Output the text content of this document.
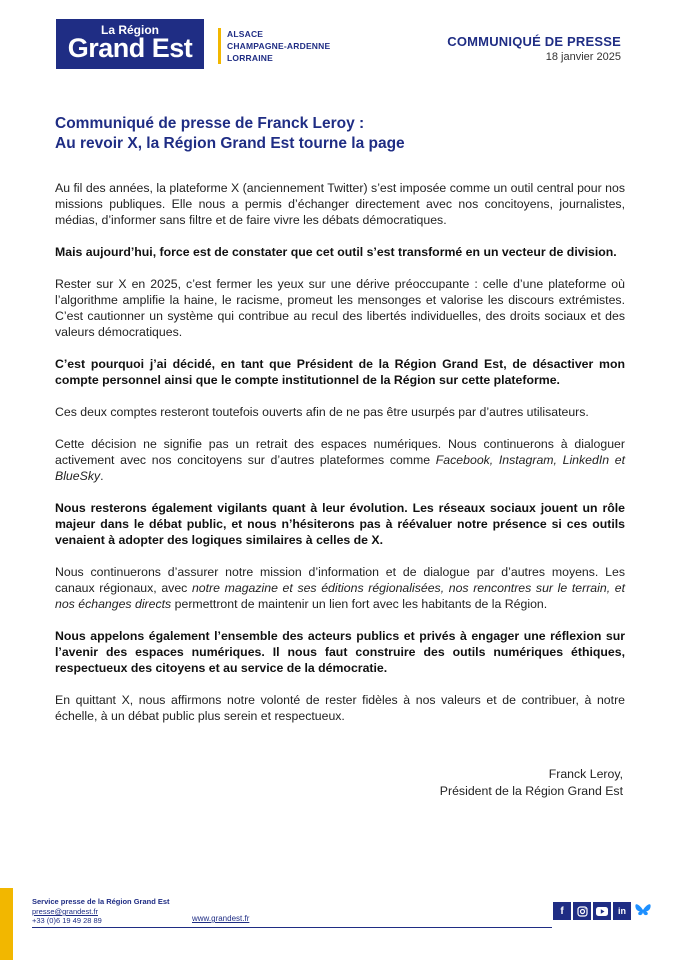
La Région
Grand Est	ALSACE
CHAMPAGNE-ARDENNE
LORRAINE
COMMUNIQUÉ DE PRESSE
18 janvier 2025
Communiqué de presse de Franck Leroy :
Au revoir X, la Région Grand Est tourne la page

Au fil des années, la plateforme X (anciennement Twitter) s’est imposée comme un outil central pour nos missions publiques. Elle nous a permis d’échanger directement avec nos concitoyens, journalistes, médias, d’informer sans filtre et de faire vivre les débats démocratiques.

Mais aujourd’hui, force est de constater que cet outil s’est transformé en un vecteur de division.

Rester sur X en 2025, c’est fermer les yeux sur une dérive préoccupante : celle d’une plateforme où l’algorithme amplifie la haine, le racisme, promeut les mensonges et valorise les discours extrémistes. C’est cautionner un système qui contribue au recul des libertés individuelles, des droits sociaux et des valeurs démocratiques.

C’est pourquoi j’ai décidé, en tant que Président de la Région Grand Est, de désactiver mon compte personnel ainsi que le compte institutionnel de la Région sur cette plateforme.

Ces deux comptes resteront toutefois ouverts afin de ne pas être usurpés par d’autres utilisateurs.

Cette décision ne signifie pas un retrait des espaces numériques. Nous continuerons à dialoguer activement avec nos concitoyens sur d’autres plateformes comme Facebook, Instagram, LinkedIn et BlueSky.

Nous resterons également vigilants quant à leur évolution. Les réseaux sociaux jouent un rôle majeur dans le débat public, et nous n’hésiterons pas à réévaluer notre présence si ces outils venaient à adopter des logiques similaires à celles de X.

Nous continuerons d’assurer notre mission d’information et de dialogue par d’autres moyens. Les canaux régionaux, avec notre magazine et ses éditions régionalisées, nos rencontres sur le terrain, et nos échanges directs permettront de maintenir un lien fort avec les habitants de la Région.

Nous appelons également l’ensemble des acteurs publics et privés à engager une réflexion sur l’avenir des espaces numériques. Il nous faut construire des outils numériques éthiques, respectueux des citoyens et au service de la démocratie.

En quittant X, nous affirmons notre volonté de rester fidèles à nos valeurs et de contribuer, à notre échelle, à un débat public plus serein et respectueux.

Franck Leroy,
Président de la Région Grand Est
Service presse de la Région Grand Est
presse@grandest.fr
+33 (0)6 19 49 28 89	www.grandest.fr
f	in
